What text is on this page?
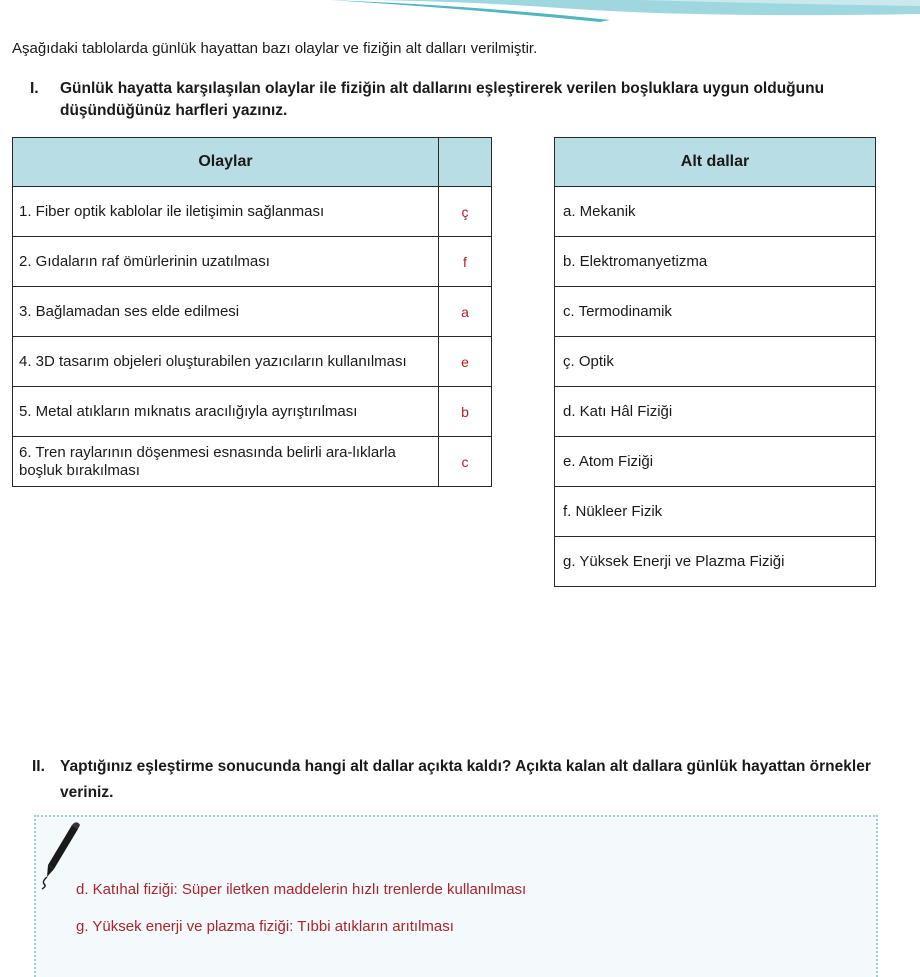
Aşağıdaki tablolarda günlük hayattan bazı olaylar ve fiziğin alt dalları verilmiştir.
I. Günlük hayatta karşılaşılan olaylar ile fiziğin alt dallarını eşleştirerek verilen boşluklara uygun olduğunu düşündüğünüz harfleri yazınız.
Olaylar	
1. Fiber optik kablolar ile iletişimin sağlanması	ç
2. Gıdaların raf ömürlerinin uzatılması	f
3. Bağlamadan ses elde edilmesi	a
4. 3D tasarım objeleri oluşturabilen yazıcıların kullanılması	e
5. Metal atıkların mıknatıs aracılığıyla ayrıştırılması	b
6. Tren raylarının döşenmesi esnasında belirli ara-lıklarla boşluk bırakılması	c
Alt dallar
a. Mekanik
b. Elektromanyetizma
c. Termodinamik
ç. Optik
d. Katı Hâl Fiziği
e. Atom Fiziği
f. Nükleer Fizik
g. Yüksek Enerji ve Plazma Fiziği
II. Yaptığınız eşleştirme sonucunda hangi alt dallar açıkta kaldı? Açıkta kalan alt dallara günlük hayattan örnekler veriniz.
d. Katıhal fiziği: Süper iletken maddelerin hızlı trenlerde kullanılması
g. Yüksek enerji ve plazma fiziği: Tıbbi atıkların arıtılması
